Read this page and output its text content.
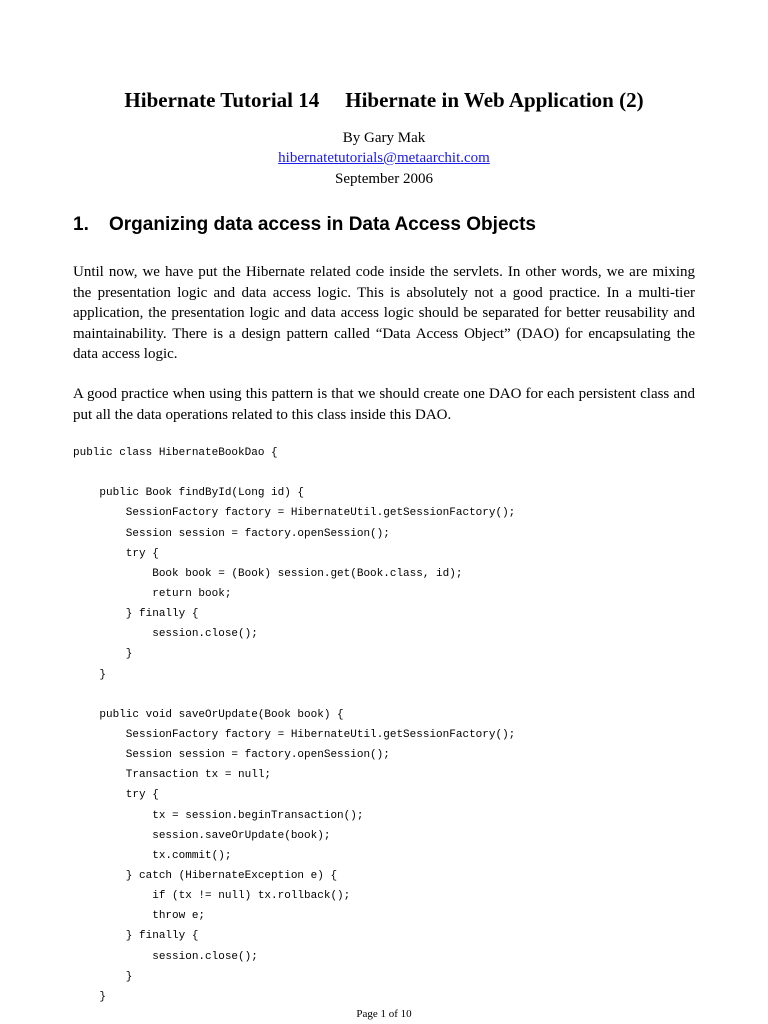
Hibernate Tutorial 14 Hibernate in Web Application (2)

By Gary Mak

hibernatetutorials@metaarchit.com

September 2006

1. Organizing data access in Data Access Objects

Until now, we have put the Hibernate related code inside the servlets. In other words, we are mixing the presentation logic and data access logic. This is absolutely not a good practice. In a multi-tier application, the presentation logic and data access logic should be separated for better reusability and maintainability. There is a design pattern called “Data Access Object” (DAO) for encapsulating the data access logic.

A good practice when using this pattern is that we should create one DAO for each persistent class and put all the data operations related to this class inside this DAO.

public class HibernateBookDao {
public Book findById(Long id) {
SessionFactory factory = HibernateUtil.getSessionFactory();
Session session = factory.openSession();
try {
Book book = (Book) session.get(Book.class, id);
return book;
} finally {
session.close();
}
}
public void saveOrUpdate(Book book) {
SessionFactory factory = HibernateUtil.getSessionFactory();
Session session = factory.openSession();
Transaction tx = null;
try {
tx = session.beginTransaction();
session.saveOrUpdate(book);
tx.commit();
} catch (HibernateException e) {
if (tx != null) tx.rollback();
throw e;
} finally {
session.close();
}
}
Page 1 of 10
